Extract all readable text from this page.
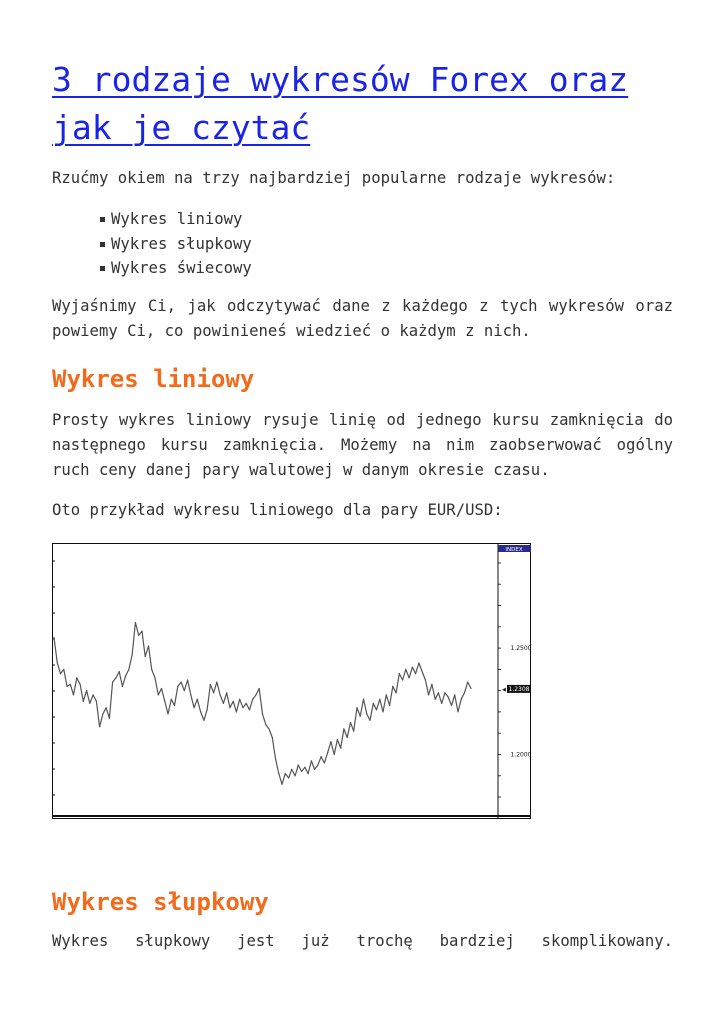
3 rodzaje wykresów Forex oraz jak je czytać

Rzućmy okiem na trzy najbardziej popularne rodzaje wykresów:

Wykres liniowy
Wykres słupkowy
Wykres świecowy

Wyjaśnimy Ci, jak odczytywać dane z każdego z tych wykresów oraz powiemy Ci, co powinieneś wiedzieć o każdym z nich.

Wykres liniowy

Prosty wykres liniowy rysuje linię od jednego kursu zamknięcia do następnego kursu zamknięcia. Możemy na nim zaobserwować ogólny ruch ceny danej pary walutowej w danym okresie czasu.

Oto przykład wykresu liniowego dla pary EUR/USD:

INDEX
1.2500
1.2000
◀ 1.2308
Wykres słupkowy

Wykres słupkowy jest już trochę bardziej skomplikowany.
